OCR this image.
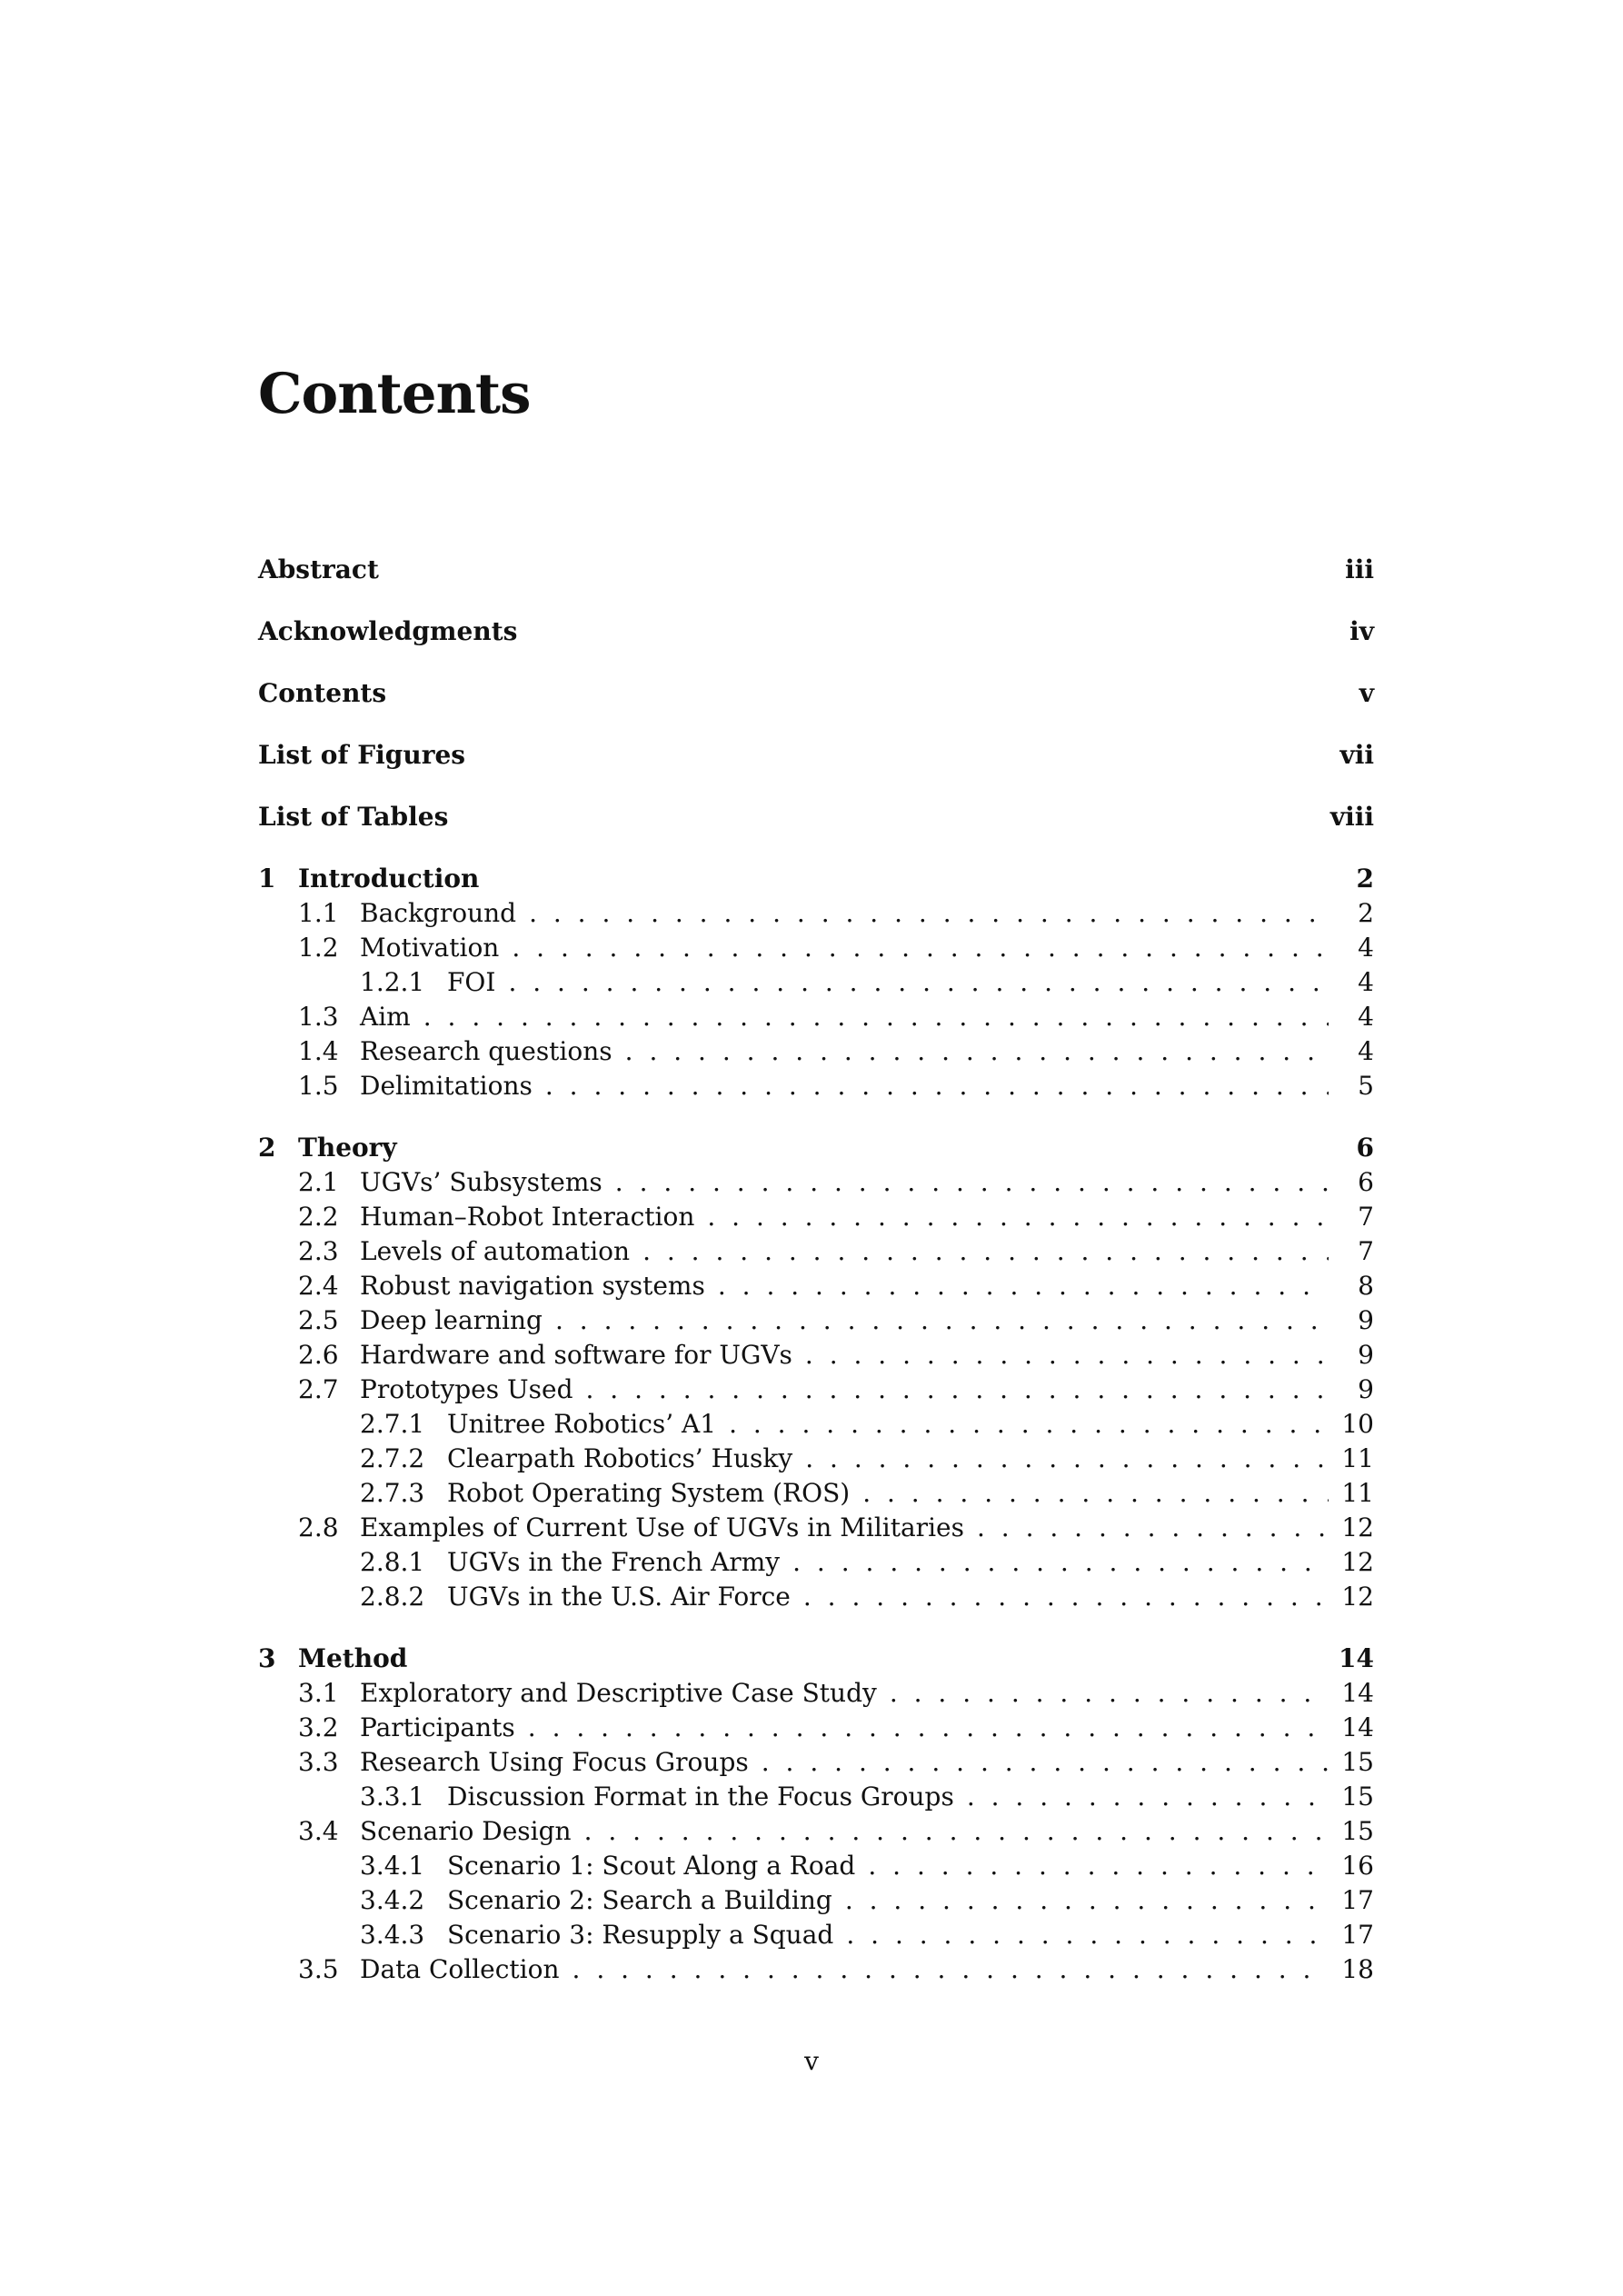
Contents
Abstract	iii
Acknowledgments	iv
Contents	v
List of Figures	vii
List of Tables	viii
1 Introduction	2
1.1 Background . . .	2
1.2 Motivation . . .	4
1.2.1 FOI . . .	4
1.3 Aim . . .	4
1.4 Research questions . . .	4
1.5 Delimitations . . .	5
2 Theory	6
2.1 UGVs’ Subsystems . . .	6
2.2 Human–Robot Interaction . . .	7
2.3 Levels of automation . . .	7
2.4 Robust navigation systems . . .	8
2.5 Deep learning . . .	9
2.6 Hardware and software for UGVs . . .	9
2.7 Prototypes Used . . .	9
2.7.1 Unitree Robotics’ A1 . . .	10
2.7.2 Clearpath Robotics’ Husky . . .	11
2.7.3 Robot Operating System (ROS) . . .	11
2.8 Examples of Current Use of UGVs in Militaries . . .	12
2.8.1 UGVs in the French Army . . .	12
2.8.2 UGVs in the U.S. Air Force . . .	12
3 Method	14
3.1 Exploratory and Descriptive Case Study . . .	14
3.2 Participants . . .	14
3.3 Research Using Focus Groups . . .	15
3.3.1 Discussion Format in the Focus Groups . . .	15
3.4 Scenario Design . . .	15
3.4.1 Scenario 1: Scout Along a Road . . .	16
3.4.2 Scenario 2: Search a Building . . .	17
3.4.3 Scenario 3: Resupply a Squad . . .	17
3.5 Data Collection . . .	18
v
